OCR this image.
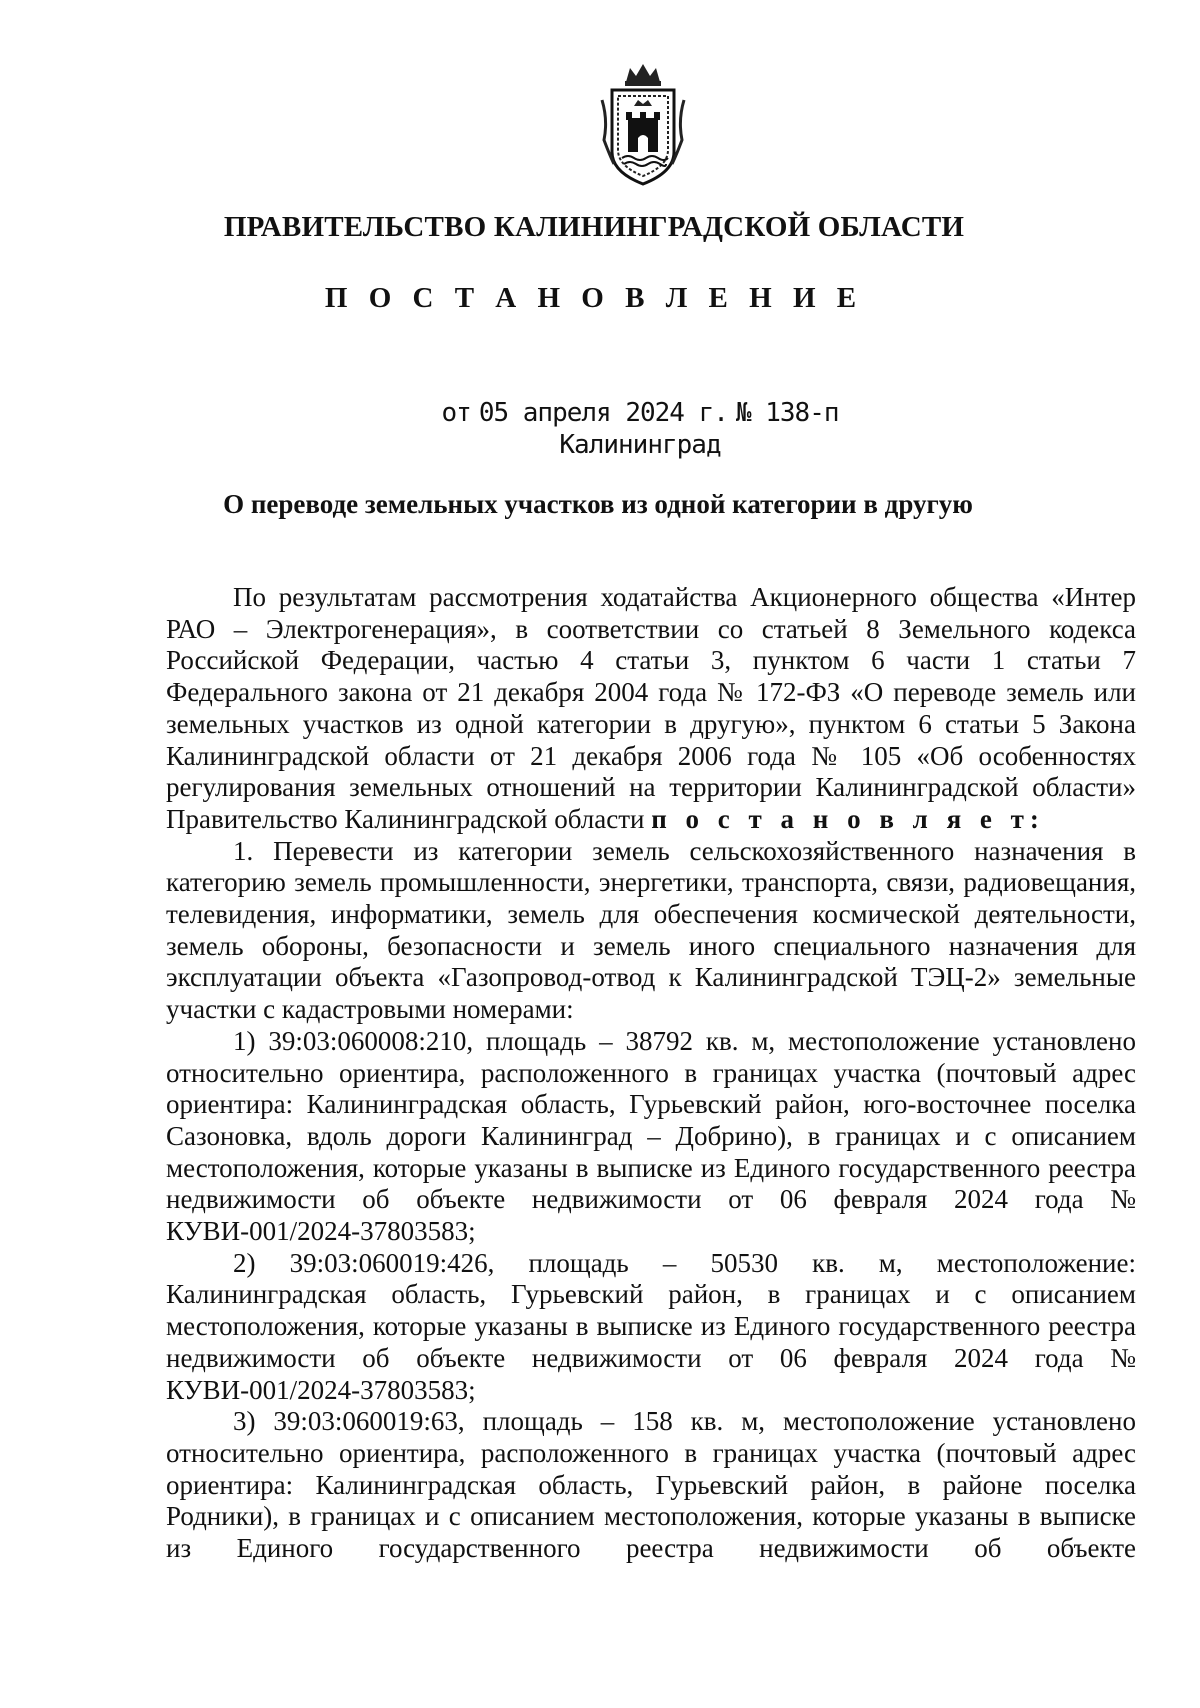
ПРАВИТЕЛЬСТВО КАЛИНИНГРАДСКОЙ ОБЛАСТИ
П О С Т А Н О В Л Е Н И Е
от 05 апреля 2024 г. № 138-п
Калининград
О переводе земельных участков из одной категории в другую

По результатам рассмотрения ходатайства Акционерного общества «Интер РАО – Электрогенерация», в соответствии со статьей 8 Земельного кодекса Российской Федерации, частью 4 статьи 3, пунктом 6 части 1 статьи 7 Федерального закона от 21 декабря 2004 года № 172-ФЗ «О переводе земель или земельных участков из одной категории в другую», пунктом 6 статьи 5 Закона Калининградской области от 21 декабря 2006 года № 105 «Об особенностях регулирования земельных отношений на территории Калининградской области» Правительство Калининградской области п о с т а н о в л я е т:

1. Перевести из категории земель сельскохозяйственного назначения в категорию земель промышленности, энергетики, транспорта, связи, радиовещания, телевидения, информатики, земель для обеспечения космической деятельности, земель обороны, безопасности и земель иного специального назначения для эксплуатации объекта «Газопровод-отвод к Калининградской ТЭЦ-2» земельные участки с кадастровыми номерами:

1) 39:03:060008:210, площадь – 38792 кв. м, местоположение установлено относительно ориентира, расположенного в границах участка (почтовый адрес ориентира: Калининградская область, Гурьевский район, юго-восточнее поселка Сазоновка, вдоль дороги Калининград – Добрино), в границах и с описанием местоположения, которые указаны в выписке из Единого государственного реестра недвижимости об объекте недвижимости от 06 февраля 2024 года № КУВИ-001/2024-37803583;

2) 39:03:060019:426, площадь – 50530 кв. м, местоположение: Калининградская область, Гурьевский район, в границах и с описанием местоположения, которые указаны в выписке из Единого государственного реестра недвижимости об объекте недвижимости от 06 февраля 2024 года № КУВИ-001/2024-37803583;

3) 39:03:060019:63, площадь – 158 кв. м, местоположение установлено относительно ориентира, расположенного в границах участка (почтовый адрес ориентира: Калининградская область, Гурьевский район, в районе поселка Родники), в границах и с описанием местоположения, которые указаны в выписке из Единого государственного реестра недвижимости об объекте
